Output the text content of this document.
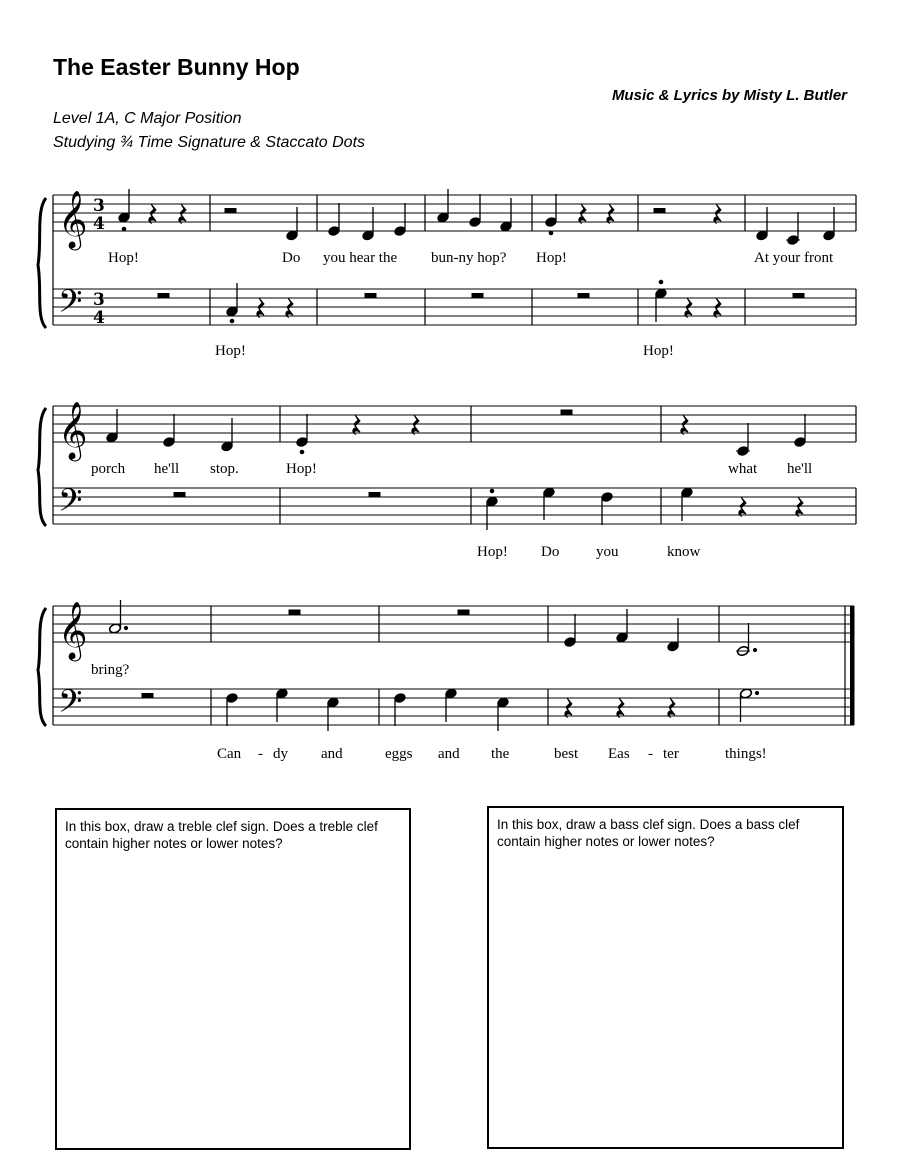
The Easter Bunny Hop
Music & Lyrics by Misty L. Butler
Level 1A, C Major Position
Studying ¾ Time Signature & Staccato Dots
𝄞
𝄢
3
4
3
4
Hop!	Do you hear the bun-ny hop? Hop!	At your front
Hop!	Hop!
𝄞
𝄢
porch he'll stop.	Hop!	what he'll
Hop! Do you	know
𝄞
𝄢
bring?
Can - dy and	eggs and the	best Eas - ter	things!
In this box, draw a treble clef sign. Does a treble clef contain higher notes or lower notes?
In this box, draw a bass clef sign. Does a bass clef contain higher notes or lower notes?
